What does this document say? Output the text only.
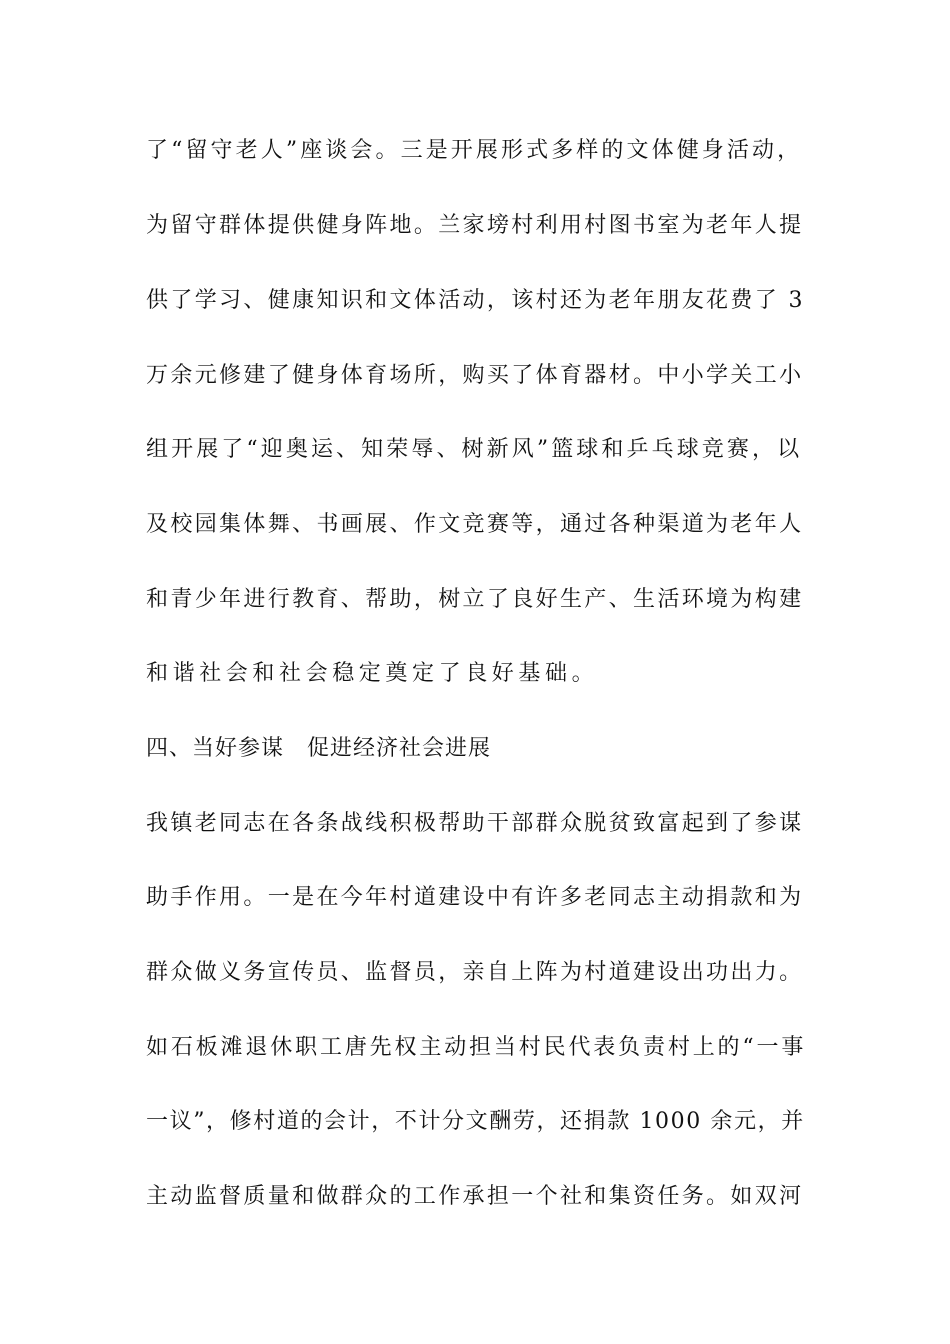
了“留守老人”座谈会。三是开展形式多样的文体健身活动，
为留守群体提供健身阵地。兰家塝村利用村图书室为老年人提
供了学习、健康知识和文体活动，该村还为老年朋友花费了 3
万余元修建了健身体育场所，购买了体育器材。中小学关工小
组开展了“迎奥运、知荣辱、树新风”篮球和乒乓球竞赛，以
及校园集体舞、书画展、作文竞赛等，通过各种渠道为老年人
和青少年进行教育、帮助，树立了良好生产、生活环境为构建
和谐社会和社会稳定奠定了良好基础。
四、当好参谋　促进经济社会进展
我镇老同志在各条战线积极帮助干部群众脱贫致富起到了参谋
助手作用。一是在今年村道建设中有许多老同志主动捐款和为
群众做义务宣传员、监督员，亲自上阵为村道建设出功出力。
如石板滩退休职工唐先权主动担当村民代表负责村上的“一事
一议”，修村道的会计，不计分文酬劳，还捐款 1000 余元，并
主动监督质量和做群众的工作承担一个社和集资任务。如双河
